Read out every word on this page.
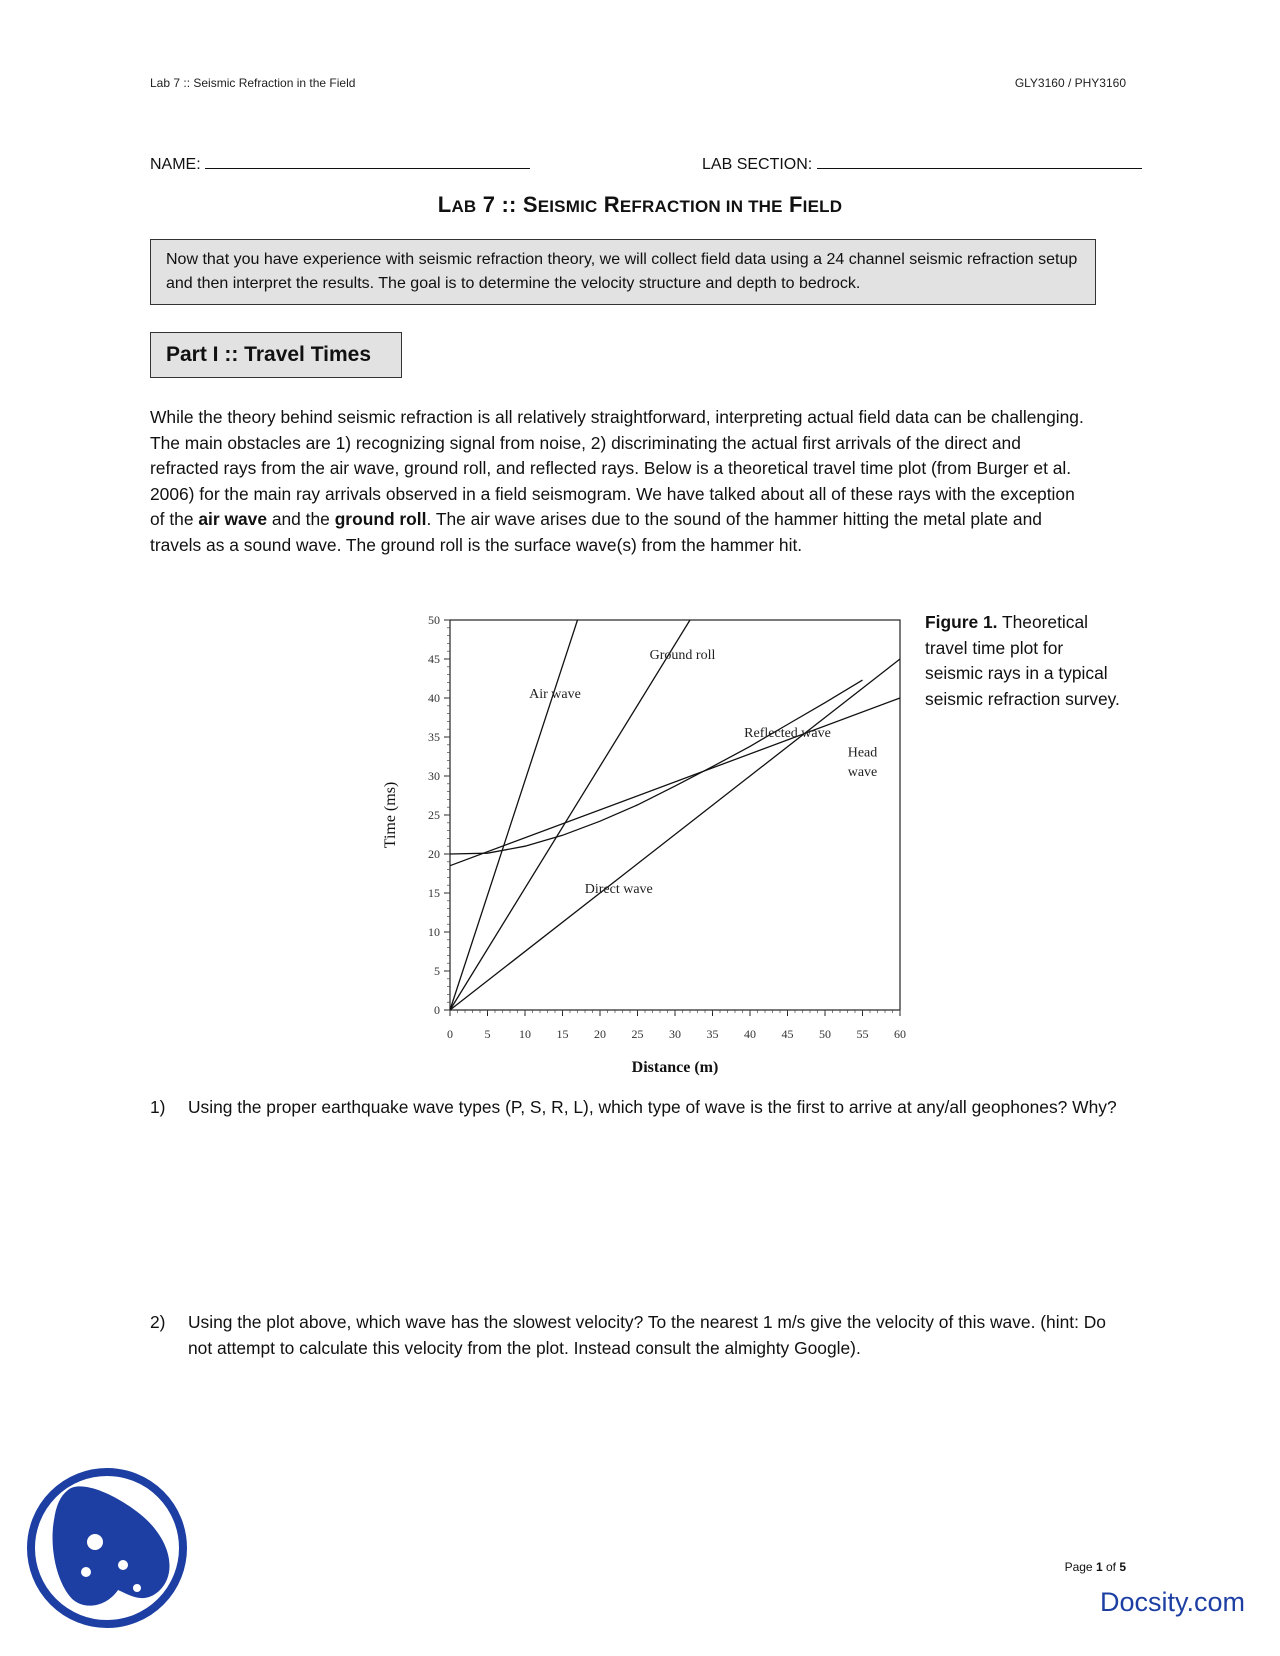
Lab 7 :: Seismic Refraction in the Field	GLY3160 / PHY3160
NAME:	LAB SECTION:
LAB 7 :: SEISMIC REFRACTION IN THE FIELD
Now that you have experience with seismic refraction theory, we will collect field data using a 24 channel seismic refraction setup and then interpret the results. The goal is to determine the velocity structure and depth to bedrock.
Part I :: Travel Times
While the theory behind seismic refraction is all relatively straightforward, interpreting actual field data can be challenging. The main obstacles are 1) recognizing signal from noise, 2) discriminating the actual first arrivals of the direct and refracted rays from the air wave, ground roll, and reflected rays. Below is a theoretical travel time plot (from Burger et al. 2006) for the main ray arrivals observed in a field seismogram. We have talked about all of these rays with the exception of the air wave and the ground roll. The air wave arises due to the sound of the hammer hitting the metal plate and travels as a sound wave. The ground roll is the surface wave(s) from the hammer hit.
0
5
10
15
20
25
30
35
40
45
50
0	5 10 15 20 25 30 35 40 45 50 55 60
Distance (m)
Time (ms)
Air wave
Ground roll
Reflected wave
Head
wave
Direct wave
Figure 1. Theoretical travel time plot for seismic rays in a typical seismic refraction survey.
1) Using the proper earthquake wave types (P, S, R, L), which type of wave is the first to arrive at any/all geophones? Why?
2) Using the plot above, which wave has the slowest velocity? To the nearest 1 m/s give the velocity of this wave. (hint: Do not attempt to calculate this velocity from the plot. Instead consult the almighty Google).
Page 1 of 5
Docsity.com
